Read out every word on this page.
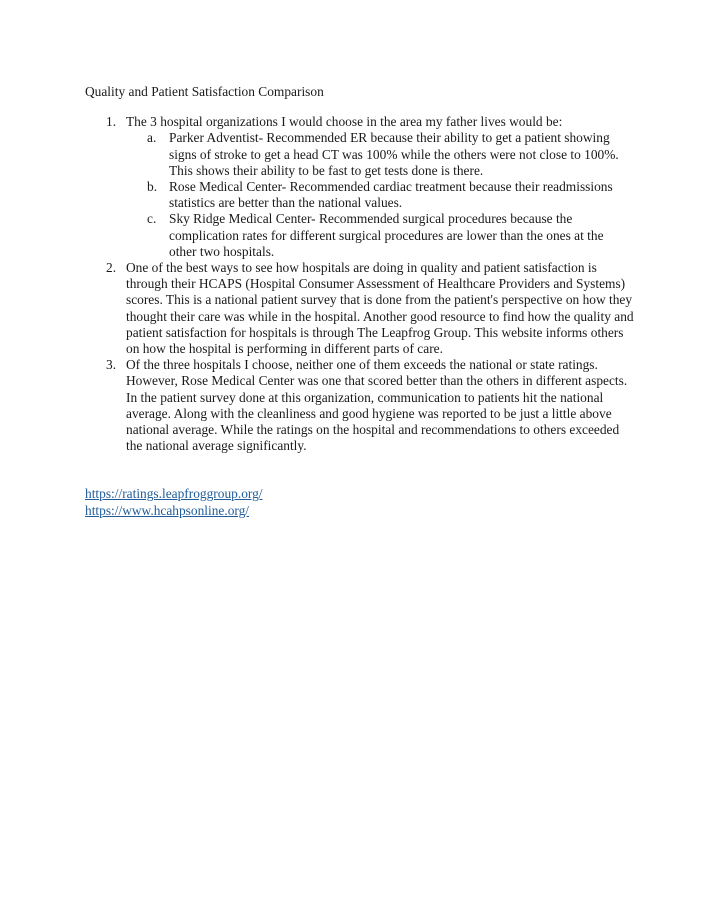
Quality and Patient Satisfaction Comparison

1. The 3 hospital organizations I would choose in the area my father lives would be:
a. Parker Adventist- Recommended ER because their ability to get a patient showing signs of stroke to get a head CT was 100% while the others were not close to 100%. This shows their ability to be fast to get tests done is there.
b. Rose Medical Center- Recommended cardiac treatment because their readmissions statistics are better than the national values.
c. Sky Ridge Medical Center- Recommended surgical procedures because the complication rates for different surgical procedures are lower than the ones at the other two hospitals.
2. One of the best ways to see how hospitals are doing in quality and patient satisfaction is through their HCAPS (Hospital Consumer Assessment of Healthcare Providers and Systems) scores. This is a national patient survey that is done from the patient's perspective on how they thought their care was while in the hospital. Another good resource to find how the quality and patient satisfaction for hospitals is through The Leapfrog Group. This website informs others on how the hospital is performing in different parts of care.
3. Of the three hospitals I choose, neither one of them exceeds the national or state ratings. However, Rose Medical Center was one that scored better than the others in different aspects. In the patient survey done at this organization, communication to patients hit the national average. Along with the cleanliness and good hygiene was reported to be just a little above national average. While the ratings on the hospital and recommendations to others exceeded the national average significantly.
https://ratings.leapfroggroup.org/
https://www.hcahpsonline.org/
